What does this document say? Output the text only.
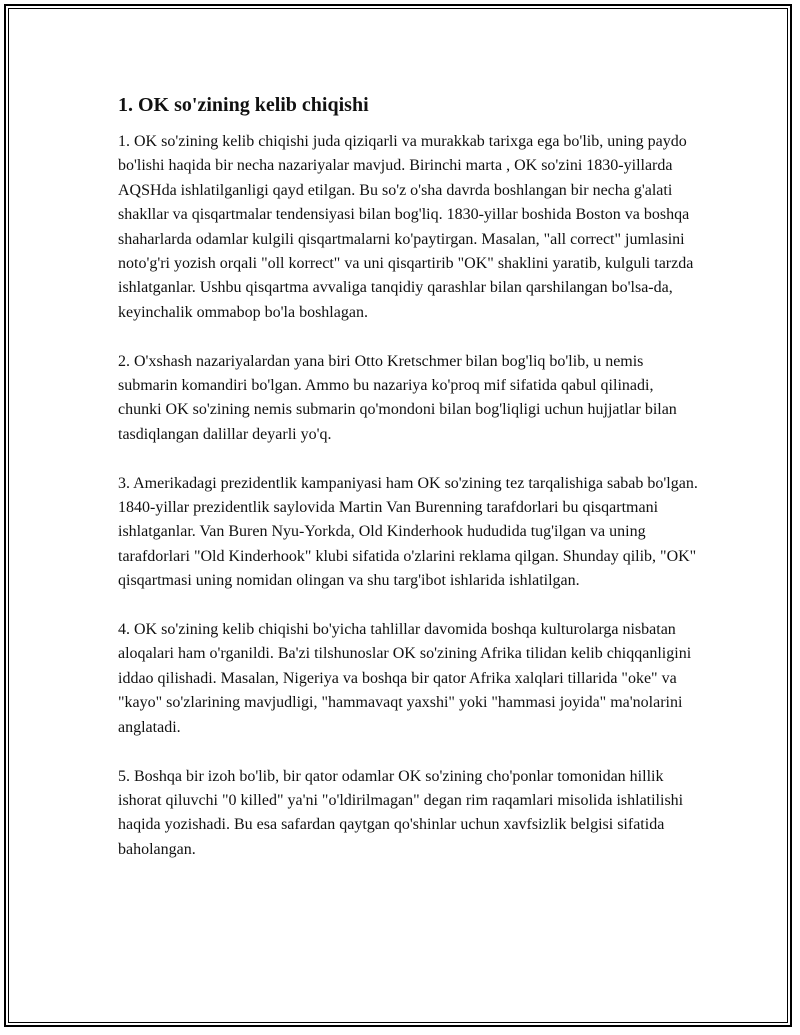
1. OK so'zining kelib chiqishi

1. OK so'zining kelib chiqishi juda qiziqarli va murakkab tarixga ega bo'lib, uning paydo bo'lishi haqida bir necha nazariyalar mavjud. Birinchi marta , OK so'zini 1830-yillarda AQSHda ishlatilganligi qayd etilgan. Bu so'z o'sha davrda boshlangan bir necha g'alati shakllar va qisqartmalar tendensiyasi bilan bog'liq. 1830-yillar boshida Boston va boshqa shaharlarda odamlar kulgili qisqartmalarni ko'paytirgan. Masalan, "all correct" jumlasini noto'g'ri yozish orqali "oll korrect" va uni qisqartirib "OK" shaklini yaratib, kulguli tarzda ishlatganlar. Ushbu qisqartma avvaliga tanqidiy qarashlar bilan qarshilangan bo'lsa-da, keyinchalik ommabop bo'la boshlagan.

2. O'xshash nazariyalardan yana biri Otto Kretschmer bilan bog'liq bo'lib, u nemis submarin komandiri bo'lgan. Ammo bu nazariya ko'proq mif sifatida qabul qilinadi, chunki OK so'zining nemis submarin qo'mondoni bilan bog'liqligi uchun hujjatlar bilan tasdiqlangan dalillar deyarli yo'q.

3. Amerikadagi prezidentlik kampaniyasi ham OK so'zining tez tarqalishiga sabab bo'lgan. 1840-yillar prezidentlik saylovida Martin Van Burenning tarafdorlari bu qisqartmani ishlatganlar. Van Buren Nyu-Yorkda, Old Kinderhook hududida tug'ilgan va uning tarafdorlari "Old Kinderhook" klubi sifatida o'zlarini reklama qilgan. Shunday qilib, "OK" qisqartmasi uning nomidan olingan va shu targ'ibot ishlarida ishlatilgan.

4. OK so'zining kelib chiqishi bo'yicha tahlillar davomida boshqa kulturolarga nisbatan aloqalari ham o'rganildi. Ba'zi tilshunoslar OK so'zining Afrika tilidan kelib chiqqanligini iddao qilishadi. Masalan, Nigeriya va boshqa bir qator Afrika xalqlari tillarida "oke" va "kayo" so'zlarining mavjudligi, "hammavaqt yaxshi" yoki "hammasi joyida" ma'nolarini anglatadi.

5. Boshqa bir izoh bo'lib, bir qator odamlar OK so'zining cho'ponlar tomonidan hillik ishorat qiluvchi "0 killed" ya'ni "o'ldirilmagan" degan rim raqamlari misolida ishlatilishi haqida yozishadi. Bu esa safardan qaytgan qo'shinlar uchun xavfsizlik belgisi sifatida baholangan.
